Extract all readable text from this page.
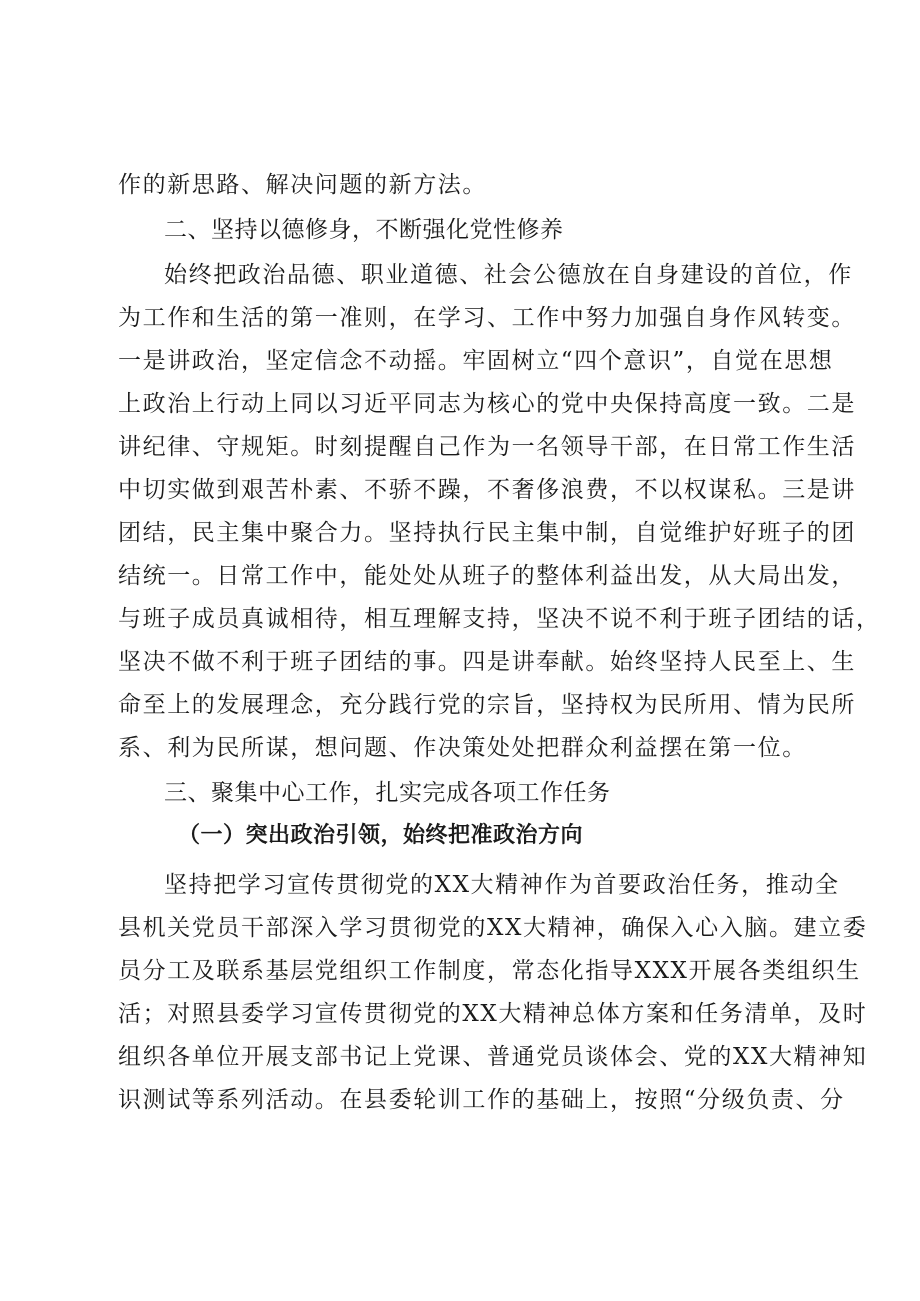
作的新思路、解决问题的新方法。
二、坚持以德修身，不断强化党性修养
始终把政治品德、职业道德、社会公德放在自身建设的首位，作
为工作和生活的第一准则，在学习、工作中努力加强自身作风转变。
一是讲政治，坚定信念不动摇。牢固树立“四个意识”，自觉在思想
上政治上行动上同以习近平同志为核心的党中央保持高度一致。二是
讲纪律、守规矩。时刻提醒自己作为一名领导干部，在日常工作生活
中切实做到艰苦朴素、不骄不躁，不奢侈浪费，不以权谋私。三是讲
团结，民主集中聚合力。坚持执行民主集中制，自觉维护好班子的团
结统一。日常工作中，能处处从班子的整体利益出发，从大局出发，
与班子成员真诚相待，相互理解支持，坚决不说不利于班子团结的话，
坚决不做不利于班子团结的事。四是讲奉献。始终坚持人民至上、生
命至上的发展理念，充分践行党的宗旨，坚持权为民所用、情为民所
系、利为民所谋，想问题、作决策处处把群众利益摆在第一位。
三、聚集中心工作，扎实完成各项工作任务
（一）突出政治引领，始终把准政治方向
坚持把学习宣传贯彻党的XX大精神作为首要政治任务，推动全
县机关党员干部深入学习贯彻党的XX大精神，确保入心入脑。建立委
员分工及联系基层党组织工作制度，常态化指导XXX开展各类组织生
活；对照县委学习宣传贯彻党的XX大精神总体方案和任务清单，及时
组织各单位开展支部书记上党课、普通党员谈体会、党的XX大精神知
识测试等系列活动。在县委轮训工作的基础上，按照“分级负责、分
